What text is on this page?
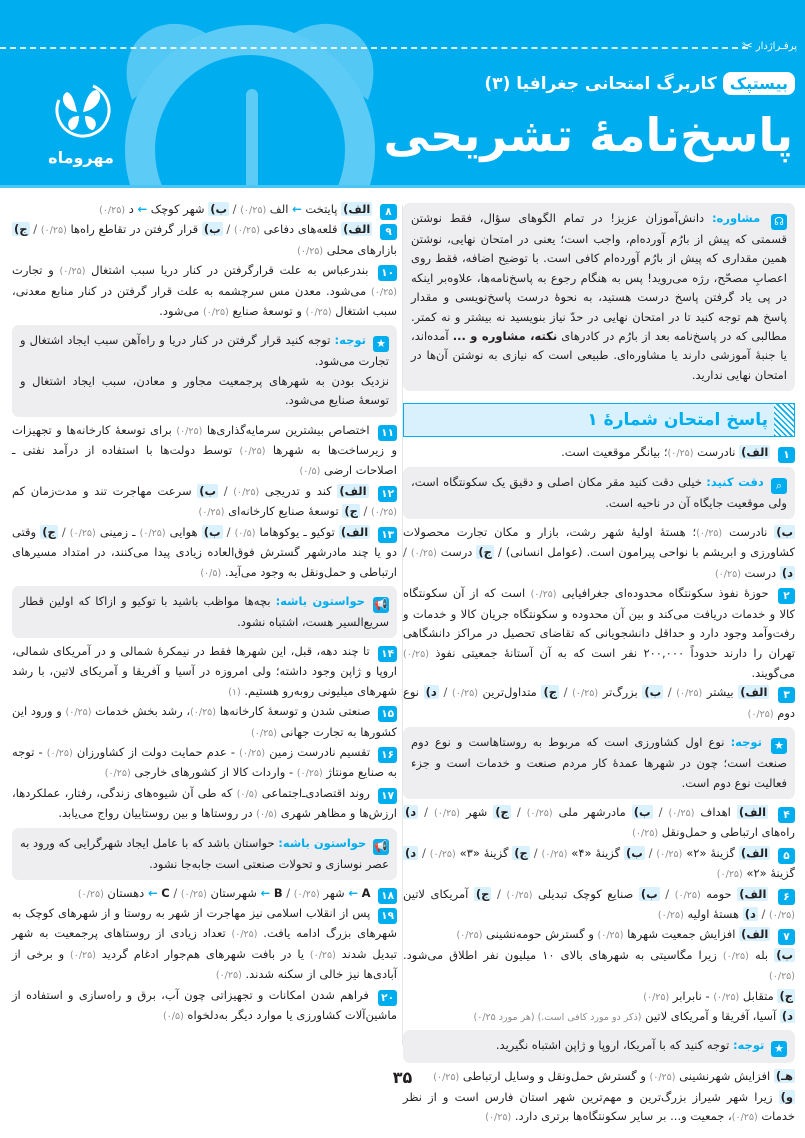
پرفـراژدار
✂
بیستپک
کاربرگ امتحانی جغرافیا (۳)
پاسخ‌نامهٔ تشریحی
مهروماه
☊ مشاوره: دانش‌آموزان عزیز! در تمام الگوهای سؤال، فقط نوشتن قسمتی که پیش از بارُم آورده‌ام، واجب است؛ یعنی در امتحان نهایی، نوشتن همین مقداری که پیش از بارُم آورده‌ام کافی است. با توضیح اضافه، فقط روی اعصابِ مصحّح، رژه می‌روید! پس به هنگام رجوع به پاسخ‌نامه‌ها، علاوه‌بر اینکه در پی یاد گرفتن پاسخ درست هستید، به نحوهٔ درست پاسخ‌نویسی و مقدار پاسخ هم توجه کنید تا در امتحان نهایی در حدّ نیاز بنویسید نه بیشتر و نه کمتر. مطالبی که در پاسخ‌نامه بعد از بارُم در کادرهای نکته، مشاوره و ... آمده‌اند، یا جنبهٔ آموزشی دارند یا مشاوره‌ای. طبیعی است که نیازی به نوشتن آن‌ها در امتحان نهایی ندارید.
پاسخ امتحان شمارهٔ ۱
۱ الف) نادرست (۰/۲۵)؛ بیانگر موقعیت است.
⌕ دقت کنید: خیلی دقت کنید مقر مکان اصلی و دقیق یک سکونتگاه است، ولی موقعیت جایگاه آن در ناحیه است.
ب) نادرست (۰/۲۵)؛ هستهٔ اولیهٔ شهر رشت، بازار و مکان تجارت محصولات کشاورزی و ابریشم با نواحی پیرامون است. (عوامل انسانی) / ج) درست (۰/۲۵) / د) درست (۰/۲۵)
۲ حوزهٔ نفوذ سکونتگاه محدوده‌ای جغرافیایی (۰/۲۵) است که از آن سکونتگاه کالا و خدمات دریافت می‌کند و بین آن محدوده و سکونتگاه جریان کالا و خدمات و رفت‌وآمد وجود دارد و حداقل دانشجویانی که تقاضای تحصیل در مراکز دانشگاهی تهران را دارند حدوداً ۲۰۰,۰۰۰ نفر است که به آن آستانهٔ جمعیتی نفوذ (۰/۲۵) می‌گویند.
۳ الف) بیشتر (۰/۲۵) / ب) بزرگ‌تر (۰/۲۵) / ج) متداول‌ترین (۰/۲۵) / د) نوع دوم (۰/۲۵)
★ توجه: نوع اول کشاورزی است که مربوط به روستاهاست و نوع دوم صنعت است؛ چون در شهرها عمدهٔ کار مردم صنعت و خدمات است و جزء فعالیت نوع دوم است.
۴ الف) اهداف (۰/۲۵) / ب) مادرشهر ملی (۰/۲۵) / ج) شهر (۰/۲۵) / د) راه‌های ارتباطی و حمل‌ونقل (۰/۲۵)
۵ الف) گزینهٔ «۲» (۰/۲۵) / ب) گزینهٔ «۴» (۰/۲۵) / ج) گزینهٔ «۳» (۰/۲۵) / د) گزینهٔ «۲» (۰/۲۵)
۶ الف) حومه (۰/۲۵) / ب) صنایع کوچک تبدیلی (۰/۲۵) / ج) آمریکای لاتین (۰/۲۵) / د) هستهٔ اولیه (۰/۲۵)
۷ الف) افزایش جمعیت شهرها (۰/۲۵) و گسترش حومه‌نشینی (۰/۲۵)
ب) بله (۰/۲۵) زیرا مگاسیتی به شهرهای بالای ۱۰ میلیون نفر اطلاق می‌شود. (۰/۲۵)
ج) متقابل (۰/۲۵) - نابرابر (۰/۲۵)
د) آسیا، آفریقا و آمریکای لاتین (ذکر دو مورد کافی است.) (هر مورد ۰/۲۵)
★ توجه: توجه کنید که با آمریکا، اروپا و ژاپن اشتباه نگیرید.
هـ) افزایش شهرنشینی (۰/۲۵) و گسترش حمل‌ونقل و وسایل ارتباطی (۰/۲۵)
و) زیرا شهر شیراز بزرگ‌ترین و مهم‌ترین شهر استان فارس است و از نظر خدمات (۰/۲۵)، جمعیت و... بر سایر سکونتگاه‌ها برتری دارد. (۰/۲۵)
۸ الف) پایتخت ← الف (۰/۲۵) / ب) شهر کوچک ← د (۰/۲۵)
۹ الف) قلعه‌های دفاعی (۰/۲۵) / ب) قرار گرفتن در تقاطع راه‌ها (۰/۲۵) / ج) بازارهای محلی (۰/۲۵)
۱۰ بندرعباس به علت قرارگرفتن در کنار دریا سبب اشتغال (۰/۲۵) و تجارت (۰/۲۵) می‌شود. معدن مس سرچشمه به علت قرار گرفتن در کنار منابع معدنی، سبب اشتغال (۰/۲۵) و توسعهٔ صنایع (۰/۲۵) می‌شود.
★ توجه: توجه کنید قرار گرفتن در کنار دریا و راه‌آهن سبب ایجاد اشتغال و تجارت می‌شود.
نزدیک بودن به شهرهای پرجمعیت مجاور و معادن، سبب ایجاد اشتغال و توسعهٔ صنایع می‌شود.
۱۱ اختصاص بیشترین سرمایه‌گذاری‌ها (۰/۲۵) برای توسعهٔ کارخانه‌ها و تجهیزات و زیرساخت‌ها به شهرها (۰/۲۵) توسط دولت‌ها با استفاده از درآمد نفتی ـ اصلاحات ارضی (۰/۵)
۱۲ الف) کند و تدریجی (۰/۲۵) / ب) سرعت مهاجرت تند و مدت‌زمان کم (۰/۲۵) / ج) توسعهٔ صنایع کارخانه‌ای (۰/۲۵)
۱۳ الف) توکیو ـ یوکوهاما (۰/۵) / ب) هوایی (۰/۲۵) ـ زمینی (۰/۲۵) / ج) وقتی دو یا چند مادرشهر گسترش فوق‌العاده زیادی پیدا می‌کنند، در امتداد مسیرهای ارتباطی و حمل‌ونقل به وجود می‌آید. (۰/۵)
📢 حواستون باشه: بچه‌ها مواظب باشید با توکیو و ازاکا که اولین قطار سریع‌السیر هست، اشتباه نشود.
۱۴ تا چند دهه، قبل، این شهرها فقط در نیمکرهٔ شمالی و در آمریکای شمالی، اروپا و ژاپن وجود داشته؛ ولی امروزه در آسیا و آفریقا و آمریکای لاتین، با رشد شهرهای میلیونی روبه‌رو هستیم. (۱)
۱۵ صنعتی شدن و توسعهٔ کارخانه‌ها (۰/۲۵)، رشد بخش خدمات (۰/۲۵) و ورود این کشورها به تجارت جهانی (۰/۲۵)
۱۶ تقسیم نادرست زمین (۰/۲۵) - عدم حمایت دولت از کشاورزان (۰/۲۵) - توجه به صنایع مونتاژ (۰/۲۵) - واردات کالا از کشورهای خارجی (۰/۲۵)
۱۷ روند اقتصادی‌ـ‌اجتماعی (۰/۵) که طی آن شیوه‌های زندگی، رفتار، عملکردها، ارزش‌ها و مظاهر شهری (۰/۵) در روستاها و بین روستاییان رواج می‌یابد.
📢 حواستون باشه: حواستان باشد که با عامل ایجاد شهرگرایی که ورود به عصر نوسازی و تحولات صنعتی است جابه‌جا نشود.
۱۸ A ← شهر (۰/۲۵) / B ← شهرستان (۰/۲۵) / C ← دهستان (۰/۲۵)
۱۹ پس از انقلاب اسلامی نیز مهاجرت از شهر به روستا و از شهرهای کوچک به شهرهای بزرگ ادامه یافت. (۰/۲۵) تعداد زیادی از روستاهای پرجمعیت به شهر تبدیل شدند (۰/۲۵) یا در بافت شهرهای هم‌جوار ادغام گردید (۰/۲۵) و برخی از آبادی‌ها نیز خالی از سکنه شدند. (۰/۲۵)
۲۰ فراهم شدن امکانات و تجهیزاتی چون آب، برق و راه‌سازی و استفاده از ماشین‌آلات کشاورزی یا موارد دیگر به‌دلخواه (۰/۵)
۳۵
